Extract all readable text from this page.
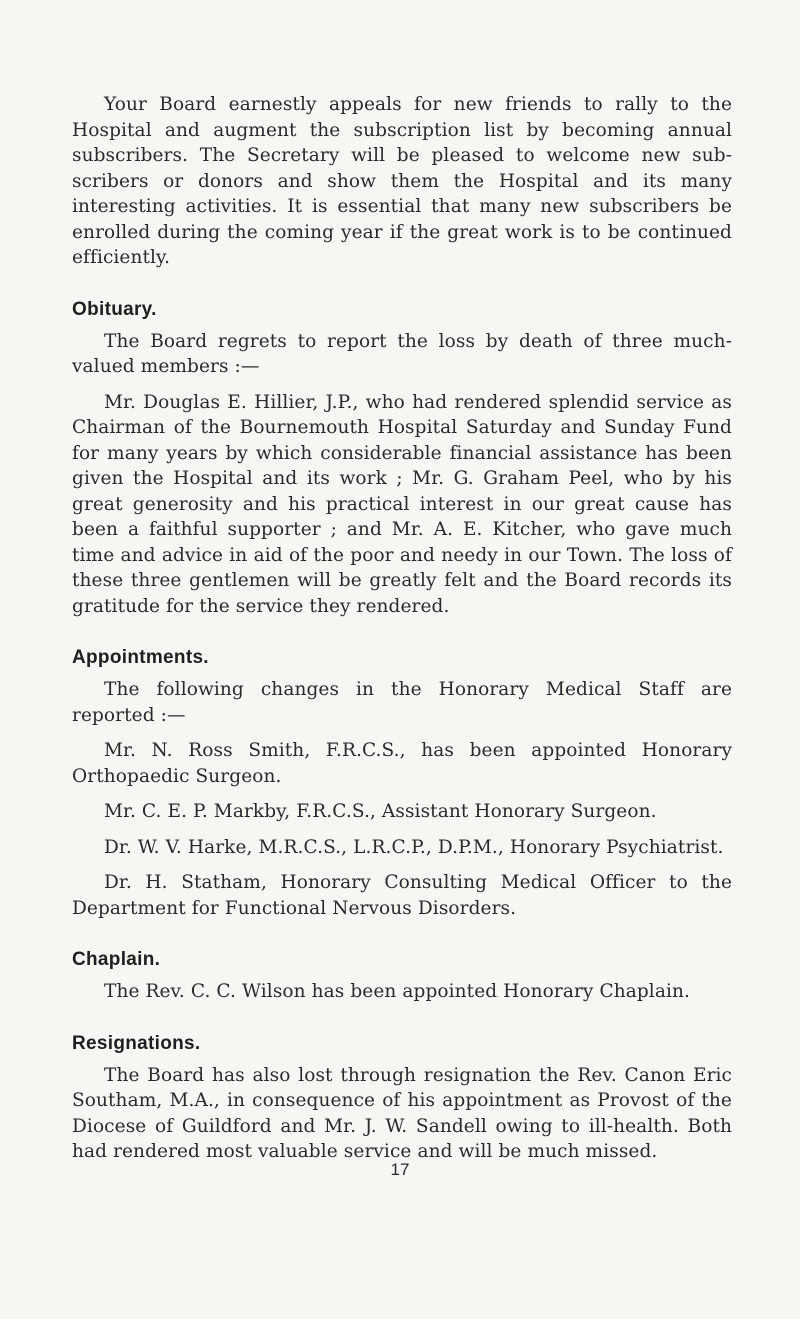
Your Board earnestly appeals for new friends to rally to the Hospital and augment the subscription list by becoming annual subscribers. The Secretary will be pleased to welcome new subscribers or donors and show them the Hospital and its many interesting activities. It is essential that many new subscribers be enrolled during the coming year if the great work is to be continued efficiently.

Obituary.

The Board regrets to report the loss by death of three much-valued members :—

Mr. Douglas E. Hillier, J.P., who had rendered splendid service as Chairman of the Bournemouth Hospital Saturday and Sunday Fund for many years by which considerable financial assistance has been given the Hospital and its work ; Mr. G. Graham Peel, who by his great generosity and his practical interest in our great cause has been a faithful supporter ; and Mr. A. E. Kitcher, who gave much time and advice in aid of the poor and needy in our Town. The loss of these three gentlemen will be greatly felt and the Board records its gratitude for the service they rendered.

Appointments.

The following changes in the Honorary Medical Staff are reported :—

Mr. N. Ross Smith, F.R.C.S., has been appointed Honorary Orthopaedic Surgeon.

Mr. C. E. P. Markby, F.R.C.S., Assistant Honorary Surgeon.

Dr. W. V. Harke, M.R.C.S., L.R.C.P., D.P.M., Honorary Psychiatrist.

Dr. H. Statham, Honorary Consulting Medical Officer to the Department for Functional Nervous Disorders.

Chaplain.

The Rev. C. C. Wilson has been appointed Honorary Chaplain.

Resignations.

The Board has also lost through resignation the Rev. Canon Eric Southam, M.A., in consequence of his appointment as Provost of the Diocese of Guildford and Mr. J. W. Sandell owing to ill-health. Both had rendered most valuable service and will be much missed.

17
